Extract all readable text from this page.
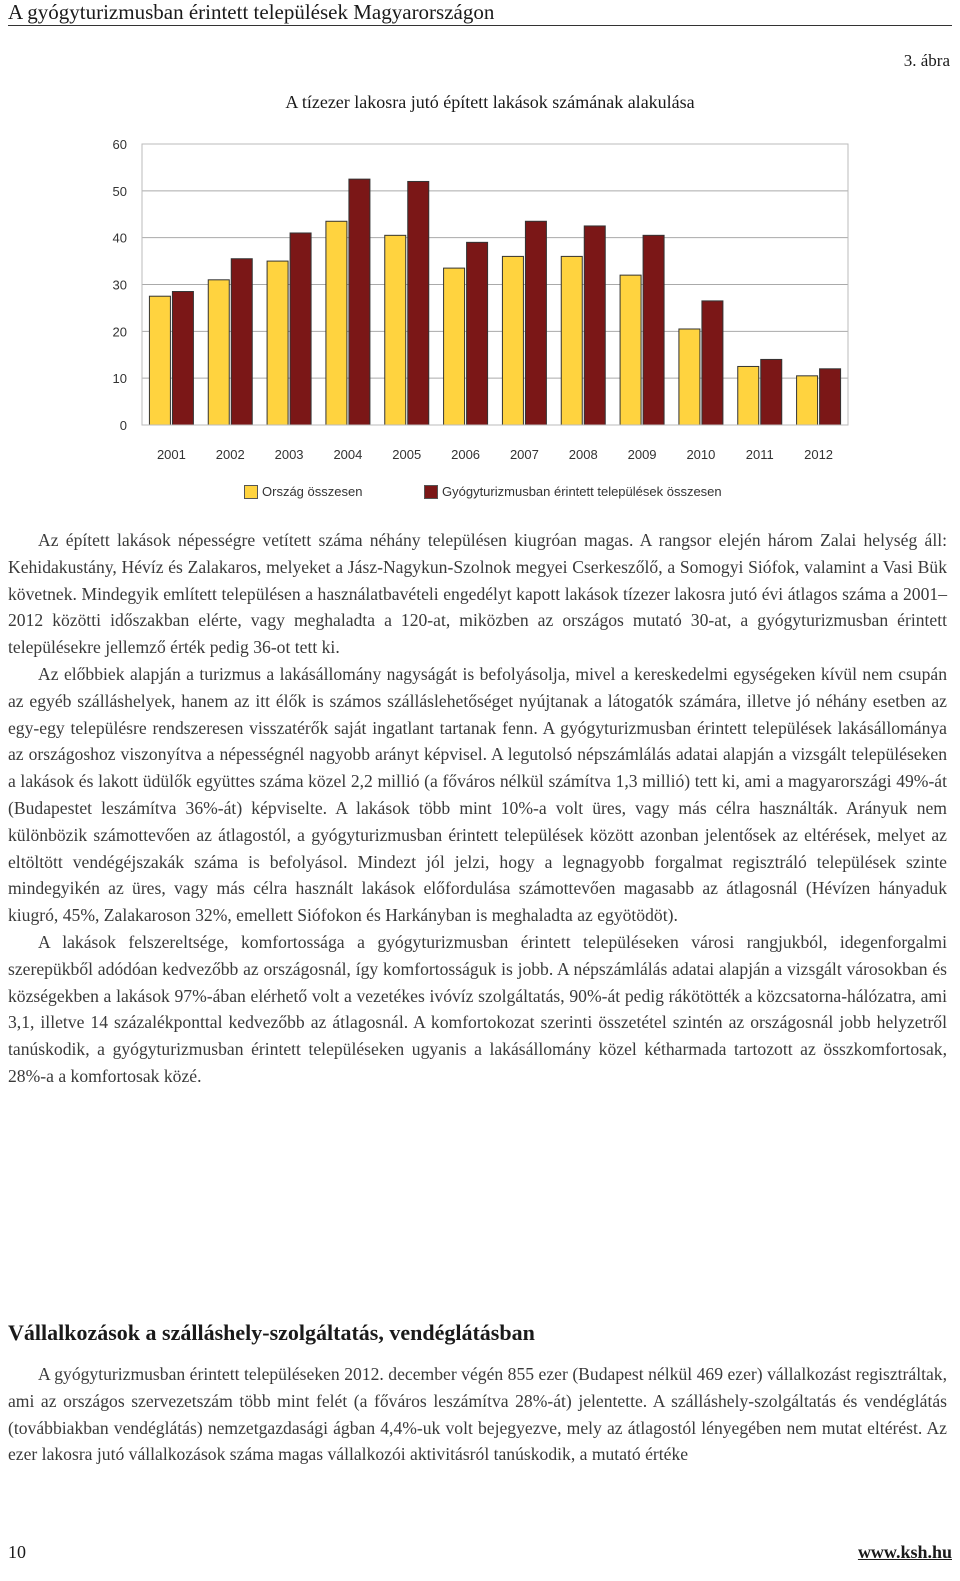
A gyógyturizmusban érintett települések Magyarországon
3. ábra
A tízezer lakosra jutó épített lakások számának alakulása
0
10
20
30
40
50
60
2001 2002 2003 2004 2005 2006 2007 2008 2009 2010 2011 2012
Ország összesen	Gyógyturizmusban érintett települések összesen

Az épített lakások népességre vetített száma néhány településen kiugróan magas. A rangsor elején három Zalai helység áll: Kehidakustány, Hévíz és Zalakaros, melyeket a Jász-Nagykun-Szolnok megyei Cserkeszőlő, a Somogyi Siófok, valamint a Vasi Bük követnek. Mindegyik említett településen a használatbavételi engedélyt kapott lakások tízezer lakosra jutó évi átlagos száma a 2001–2012 közötti időszakban elérte, vagy meghaladta a 120-at, miközben az országos mutató 30-at, a gyógyturizmusban érintett településekre jellemző érték pedig 36-ot tett ki.

Az előbbiek alapján a turizmus a lakásállomány nagyságát is befolyásolja, mivel a kereskedelmi egységeken kívül nem csupán az egyéb szálláshelyek, hanem az itt élők is számos szálláslehetőséget nyújtanak a látogatók számára, illetve jó néhány esetben az egy-egy településre rendszeresen visszatérők saját ingatlant tartanak fenn. A gyógyturizmusban érintett települések lakásállománya az országoshoz viszonyítva a népességnél nagyobb arányt képvisel. A legutolsó népszámlálás adatai alapján a vizsgált településeken a lakások és lakott üdülők együttes száma közel 2,2 millió (a főváros nélkül számítva 1,3 millió) tett ki, ami a magyarországi 49%-át (Budapestet leszámítva 36%-át) képviselte. A lakások több mint 10%-a volt üres, vagy más célra használták. Arányuk nem különbözik számottevően az átlagostól, a gyógyturizmusban érintett települések között azonban jelentősek az eltérések, melyet az eltöltött vendégéjszakák száma is befolyásol. Mindezt jól jelzi, hogy a legnagyobb forgalmat regisztráló települések szinte mindegyikén az üres, vagy más célra használt lakások előfordulása számottevően magasabb az átlagosnál (Hévízen hányaduk kiugró, 45%, Zalakaroson 32%, emellett Siófokon és Harkányban is meghaladta az egyötödöt).

A lakások felszereltsége, komfortossága a gyógyturizmusban érintett településeken városi rangjukból, idegenforgalmi szerepükből adódóan kedvezőbb az országosnál, így komfortosságuk is jobb. A népszámlálás adatai alapján a vizsgált városokban és községekben a lakások 97%-ában elérhető volt a vezetékes ivóvíz szolgáltatás, 90%-át pedig rákötötték a közcsatorna-hálózatra, ami 3,1, illetve 14 százalékponttal kedvezőbb az átlagosnál. A komfortokozat szerinti összetétel szintén az országosnál jobb helyzetről tanúskodik, a gyógyturizmusban érintett településeken ugyanis a lakásállomány közel kétharmada tartozott az összkomfortosak, 28%-a a komfortosak közé.

Vállalkozások a szálláshely-szolgáltatás, vendéglátásban

A gyógyturizmusban érintett településeken 2012. december végén 855 ezer (Budapest nélkül 469 ezer) vállalkozást regisztráltak, ami az országos szervezetszám több mint felét (a főváros leszámítva 28%-át) jelentette. A szálláshely-szolgáltatás és vendéglátás (továbbiakban vendéglátás) nemzetgazdasági ágban 4,4%-uk volt bejegyezve, mely az átlagostól lényegében nem mutat eltérést. Az ezer lakosra jutó vállalkozások száma magas vállalkozói aktivitásról tanúskodik, a mutató értéke

10	www.ksh.hu
